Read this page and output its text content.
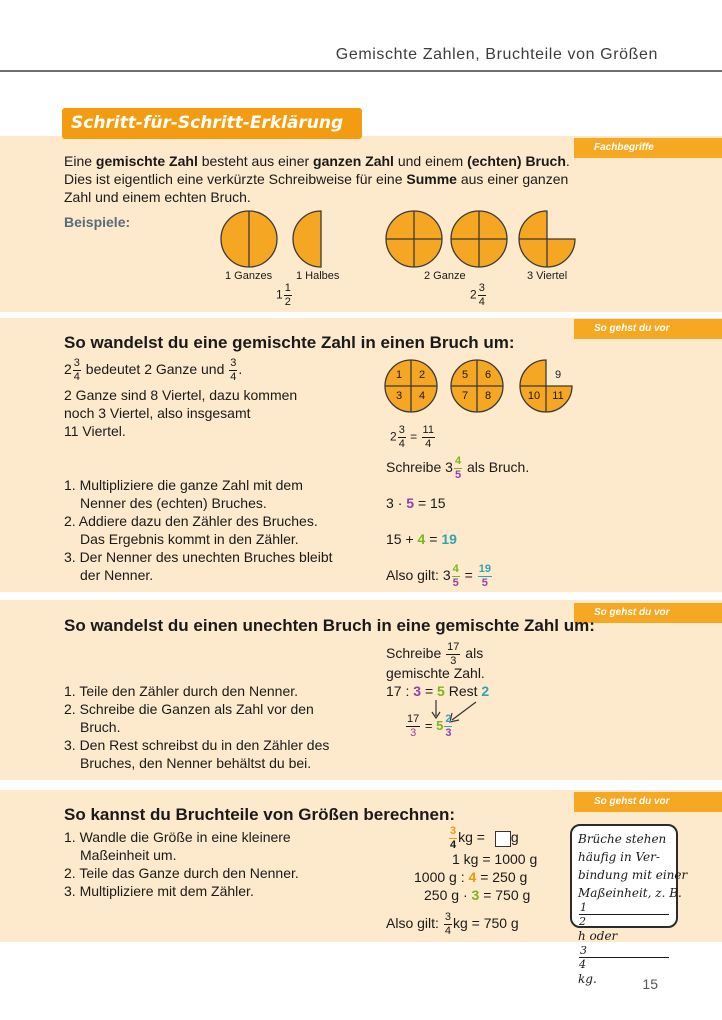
Gemischte Zahlen, Bruchteile von Größen
Fachbegriffe
Schritt-für-Schritt-Erklärung
Eine gemischte Zahl besteht aus einer ganzen Zahl und einem (echten) Bruch.
Dies ist eigentlich eine verkürzte Schreibweise für eine Summe aus einer ganzen
Zahl und einem echten Bruch.
Beispiele:
1 Ganzes 1 Halbes	2 Ganze	3 Viertel
$1 \frac{1}{2}$	$2 \frac{3}{4}$
So gehst du vor
So wandelst du eine gemischte Zahl in einen Bruch um:
$2 \frac{3}{4}$ bedeutet 2 Ganze und $\frac{3}{4}$ .
2 Ganze sind 8 Viertel, dazu kommen
noch 3 Viertel, also insgesamt
11 Viertel.
1. Multipliziere die ganze Zahl mit dem
Nenner des (echten) Bruches.
2. Addiere dazu den Zähler des Bruches.
Das Ergebnis kommt in den Zähler.
3. Der Nenner des unechten Bruches bleibt
der Nenner.
1	2
3	4
5	6
7	8
9
10 11
$2 \frac{3}{4} = \frac{11}{4}$
Schreibe $3 \frac{4}{5}$ als Bruch.
3 · 5 = 15
15 + 4 = 19
Also gilt: $3 \frac{4}{5} = \frac{19}{5}$
So gehst du vor
So wandelst du einen unechten Bruch in eine gemischte Zahl um:
Schreibe $\frac{17}{3}$ als
gemischte Zahl.
17 : 3 = 5 Rest 2
$\frac{17}{3} = 5 \frac{2}{3}$
1. Teile den Zähler durch den Nenner.
2. Schreibe die Ganzen als Zahl vor den
Bruch.
3. Den Rest schreibst du in den Zähler des
Bruches, den Nenner behältst du bei.
So gehst du vor
So kannst du Bruchteile von Größen berechnen:
1. Wandle die Größe in eine kleinere
Maßeinheit um.
2. Teile das Ganze durch den Nenner.
3. Multipliziere mit dem Zähler.
$\frac{3}{4}$ kg = g
1 kg = 1000 g
1000 g : 4 = 250 g
250 g · 3 = 750 g
Also gilt: $\frac{3}{4}$ kg = 750 g
Brüche stehen
häufig in Ver-
bindung mit einer
Maßeinheit, z. B.
1
2
h oder
3
4
kg.	15
